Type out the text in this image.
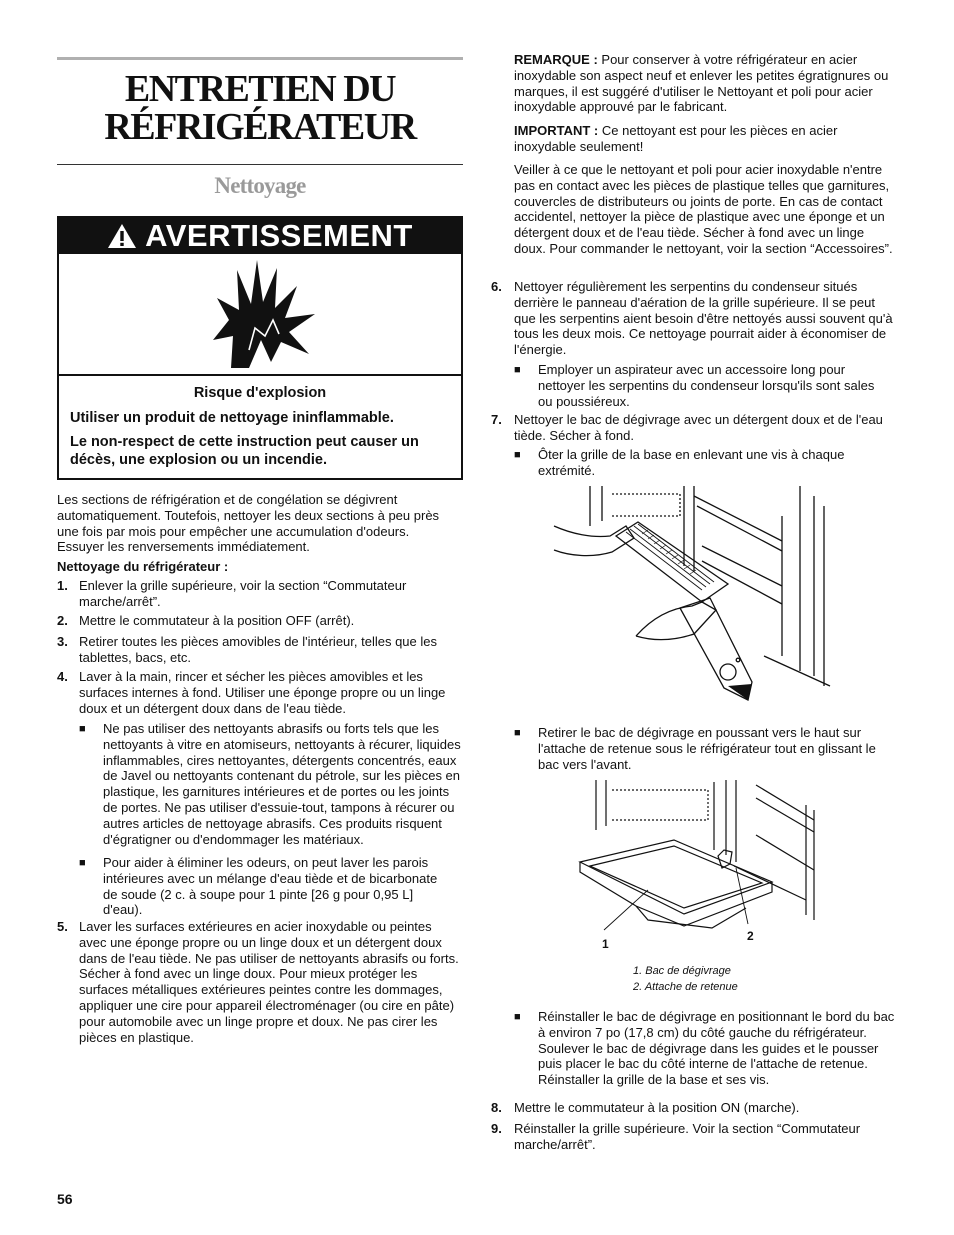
ENTRETIEN DU
RÉFRIGÉRATEUR
Nettoyage
AVERTISSEMENT
Risque d'explosion
Utiliser un produit de nettoyage ininflammable.
Le non-respect de cette instruction peut causer un décès, une explosion ou un incendie.

Les sections de réfrigération et de congélation se dégivrent automatiquement. Toutefois, nettoyer les deux sections à peu près une fois par mois pour empêcher une accumulation d'odeurs. Essuyer les renversements immédiatement.

Nettoyage du réfrigérateur :
1. Enlever la grille supérieure, voir la section “Commutateur marche/arrêt”.

2. Mettre le commutateur à la position OFF (arrêt).

3. Retirer toutes les pièces amovibles de l'intérieur, telles que les tablettes, bacs, etc.

4. Laver à la main, rincer et sécher les pièces amovibles et les surfaces internes à fond. Utiliser une éponge propre ou un linge doux et un détergent doux dans de l'eau tiède.

■ Ne pas utiliser des nettoyants abrasifs ou forts tels que les nettoyants à vitre en atomiseurs, nettoyants à récurer, liquides inflammables, cires nettoyantes, détergents concentrés, eaux de Javel ou nettoyants contenant du pétrole, sur les pièces en plastique, les garnitures intérieures et de portes ou les joints de portes. Ne pas utiliser d'essuie-tout, tampons à récurer ou autres articles de nettoyage abrasifs. Ces produits risquent d'égratigner ou d'endommager les matériaux.

■ Pour aider à éliminer les odeurs, on peut laver les parois intérieures avec un mélange d'eau tiède et de bicarbonate de soude (2 c. à soupe pour 1 pinte [26 g pour 0,95 L] d'eau).

5. Laver les surfaces extérieures en acier inoxydable ou peintes avec une éponge propre ou un linge doux et un détergent doux dans de l'eau tiède. Ne pas utiliser de nettoyants abrasifs ou forts. Sécher à fond avec un linge doux. Pour mieux protéger les surfaces métalliques extérieures peintes contre les dommages, appliquer une cire pour appareil électroménager (ou cire en pâte) pour automobile avec un linge propre et doux. Ne pas cirer les pièces en plastique.

56

REMARQUE : Pour conserver à votre réfrigérateur en acier inoxydable son aspect neuf et enlever les petites égratignures ou marques, il est suggéré d'utiliser le Nettoyant et poli pour acier inoxydable approuvé par le fabricant.

IMPORTANT : Ce nettoyant est pour les pièces en acier inoxydable seulement!

Veiller à ce que le nettoyant et poli pour acier inoxydable n'entre pas en contact avec les pièces de plastique telles que garnitures, couvercles de distributeurs ou joints de porte. En cas de contact accidentel, nettoyer la pièce de plastique avec une éponge et un détergent doux et de l'eau tiède. Sécher à fond avec un linge doux. Pour commander le nettoyant, voir la section “Accessoires”.

6. Nettoyer régulièrement les serpentins du condenseur situés derrière le panneau d'aération de la grille supérieure. Il se peut que les serpentins aient besoin d'être nettoyés aussi souvent qu'à tous les deux mois. Ce nettoyage pourrait aider à économiser de l'énergie.

■ Employer un aspirateur avec un accessoire long pour nettoyer les serpentins du condenseur lorsqu'ils sont sales ou poussiéreux.

7. Nettoyer le bac de dégivrage avec un détergent doux et de l'eau tiède. Sécher à fond.

■ Ôter la grille de la base en enlevant une vis à chaque extrémité.

■ Retirer le bac de dégivrage en poussant vers le haut sur l'attache de retenue sous le réfrigérateur tout en glissant le bac vers l'avant.

1
2
1. Bac de dégivrage
2. Attache de retenue
■ Réinstaller le bac de dégivrage en positionnant le bord du bac à environ 7 po (17,8 cm) du côté gauche du réfrigérateur. Soulever le bac de dégivrage dans les guides et le pousser puis placer le bac du côté interne de l'attache de retenue. Réinstaller la grille de la base et ses vis.

8. Mettre le commutateur à la position ON (marche).

9. Réinstaller la grille supérieure. Voir la section “Commutateur marche/arrêt”.
